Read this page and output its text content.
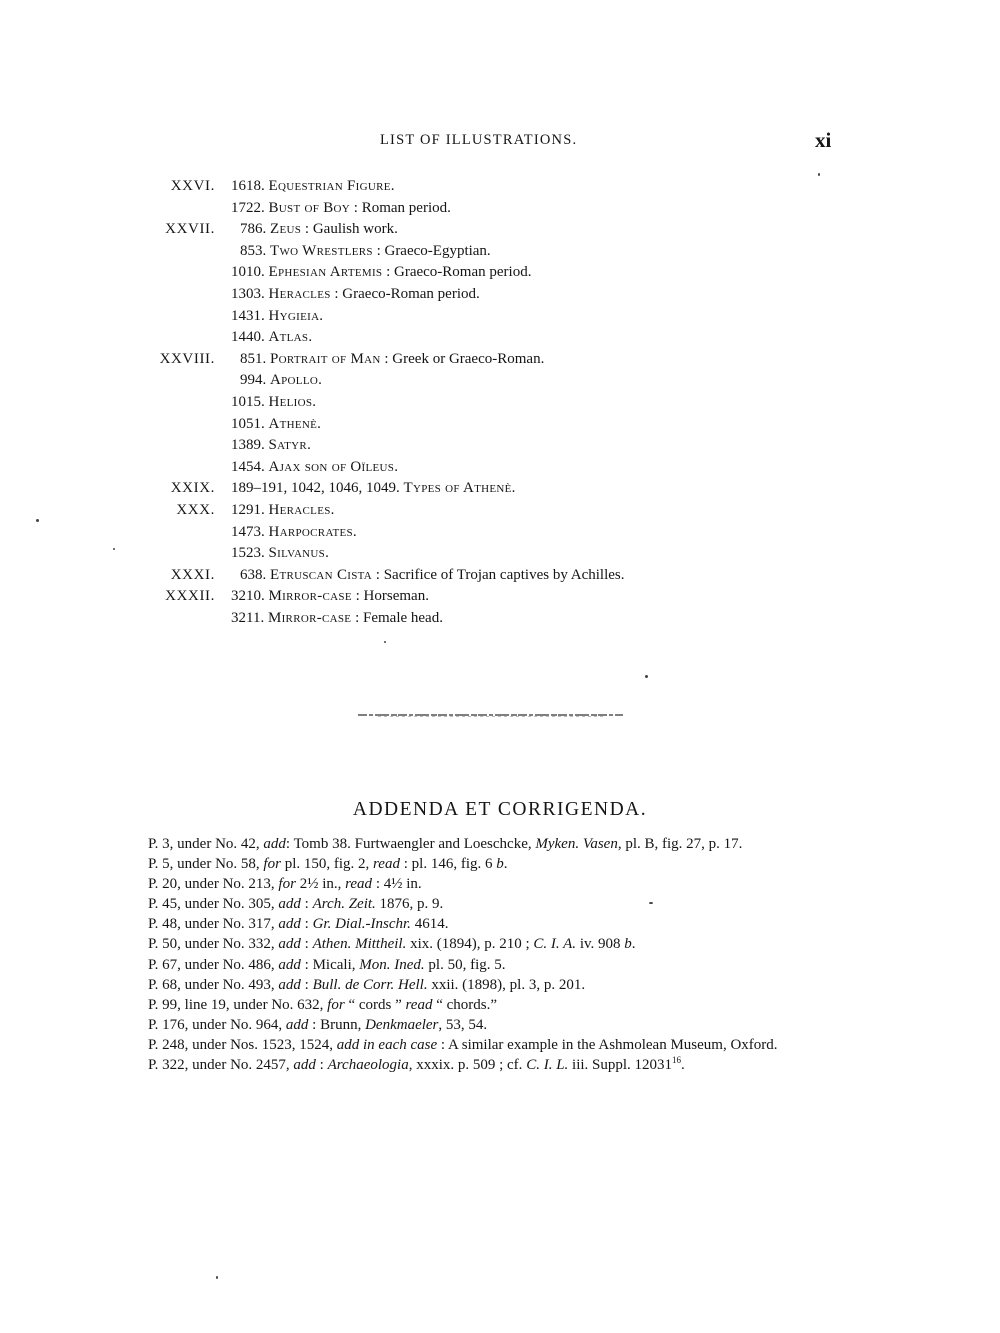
LIST OF ILLUSTRATIONS.	xi
XXVI. 1618. Equestrian Figure.
1722. Bust of Boy : Roman period.
XXVII. 786. Zeus : Gaulish work.
853. Two Wrestlers : Graeco-Egyptian.
1010. Ephesian Artemis : Graeco-Roman period.
1303. Heracles : Graeco-Roman period.
1431. Hygieia.
1440. Atlas.
XXVIII. 851. Portrait of Man : Greek or Graeco-Roman.
994. Apollo.
1015. Helios.
1051. Athenè.
1389. Satyr.
1454. Ajax son of Oïleus.
XXIX. 189–191, 1042, 1046, 1049. Types of Athenè.
XXX. 1291. Heracles.
1473. Harpocrates.
1523. Silvanus.
XXXI. 638. Etruscan Cista : Sacrifice of Trojan captives by Achilles.
XXXII. 3210. Mirror-case : Horseman.
3211. Mirror-case : Female head.
ADDENDA ET CORRIGENDA.
P. 3, under No. 42, add: Tomb 38. Furtwaengler and Loeschcke, Myken. Vasen, pl. B, fig. 27, p. 17.
P. 5, under No. 58, for pl. 150, fig. 2, read : pl. 146, fig. 6 b.
P. 20, under No. 213, for 2½ in., read : 4½ in.
P. 45, under No. 305, add : Arch. Zeit. 1876, p. 9.
P. 48, under No. 317, add : Gr. Dial.-Inschr. 4614.
P. 50, under No. 332, add : Athen. Mittheil. xix. (1894), p. 210 ; C. I. A. iv. 908 b.
P. 67, under No. 486, add : Micali, Mon. Ined. pl. 50, fig. 5.
P. 68, under No. 493, add : Bull. de Corr. Hell. xxii. (1898), pl. 3, p. 201.
P. 99, line 19, under No. 632, for “ cords ” read “ chords.”
P. 176, under No. 964, add : Brunn, Denkmaeler, 53, 54.
P. 248, under Nos. 1523, 1524, add in each case : A similar example in the Ashmolean Museum, Oxford.
P. 322, under No. 2457, add : Archaeologia, xxxix. p. 509 ; cf. C. I. L. iii. Suppl. 12031$^{16}$.
